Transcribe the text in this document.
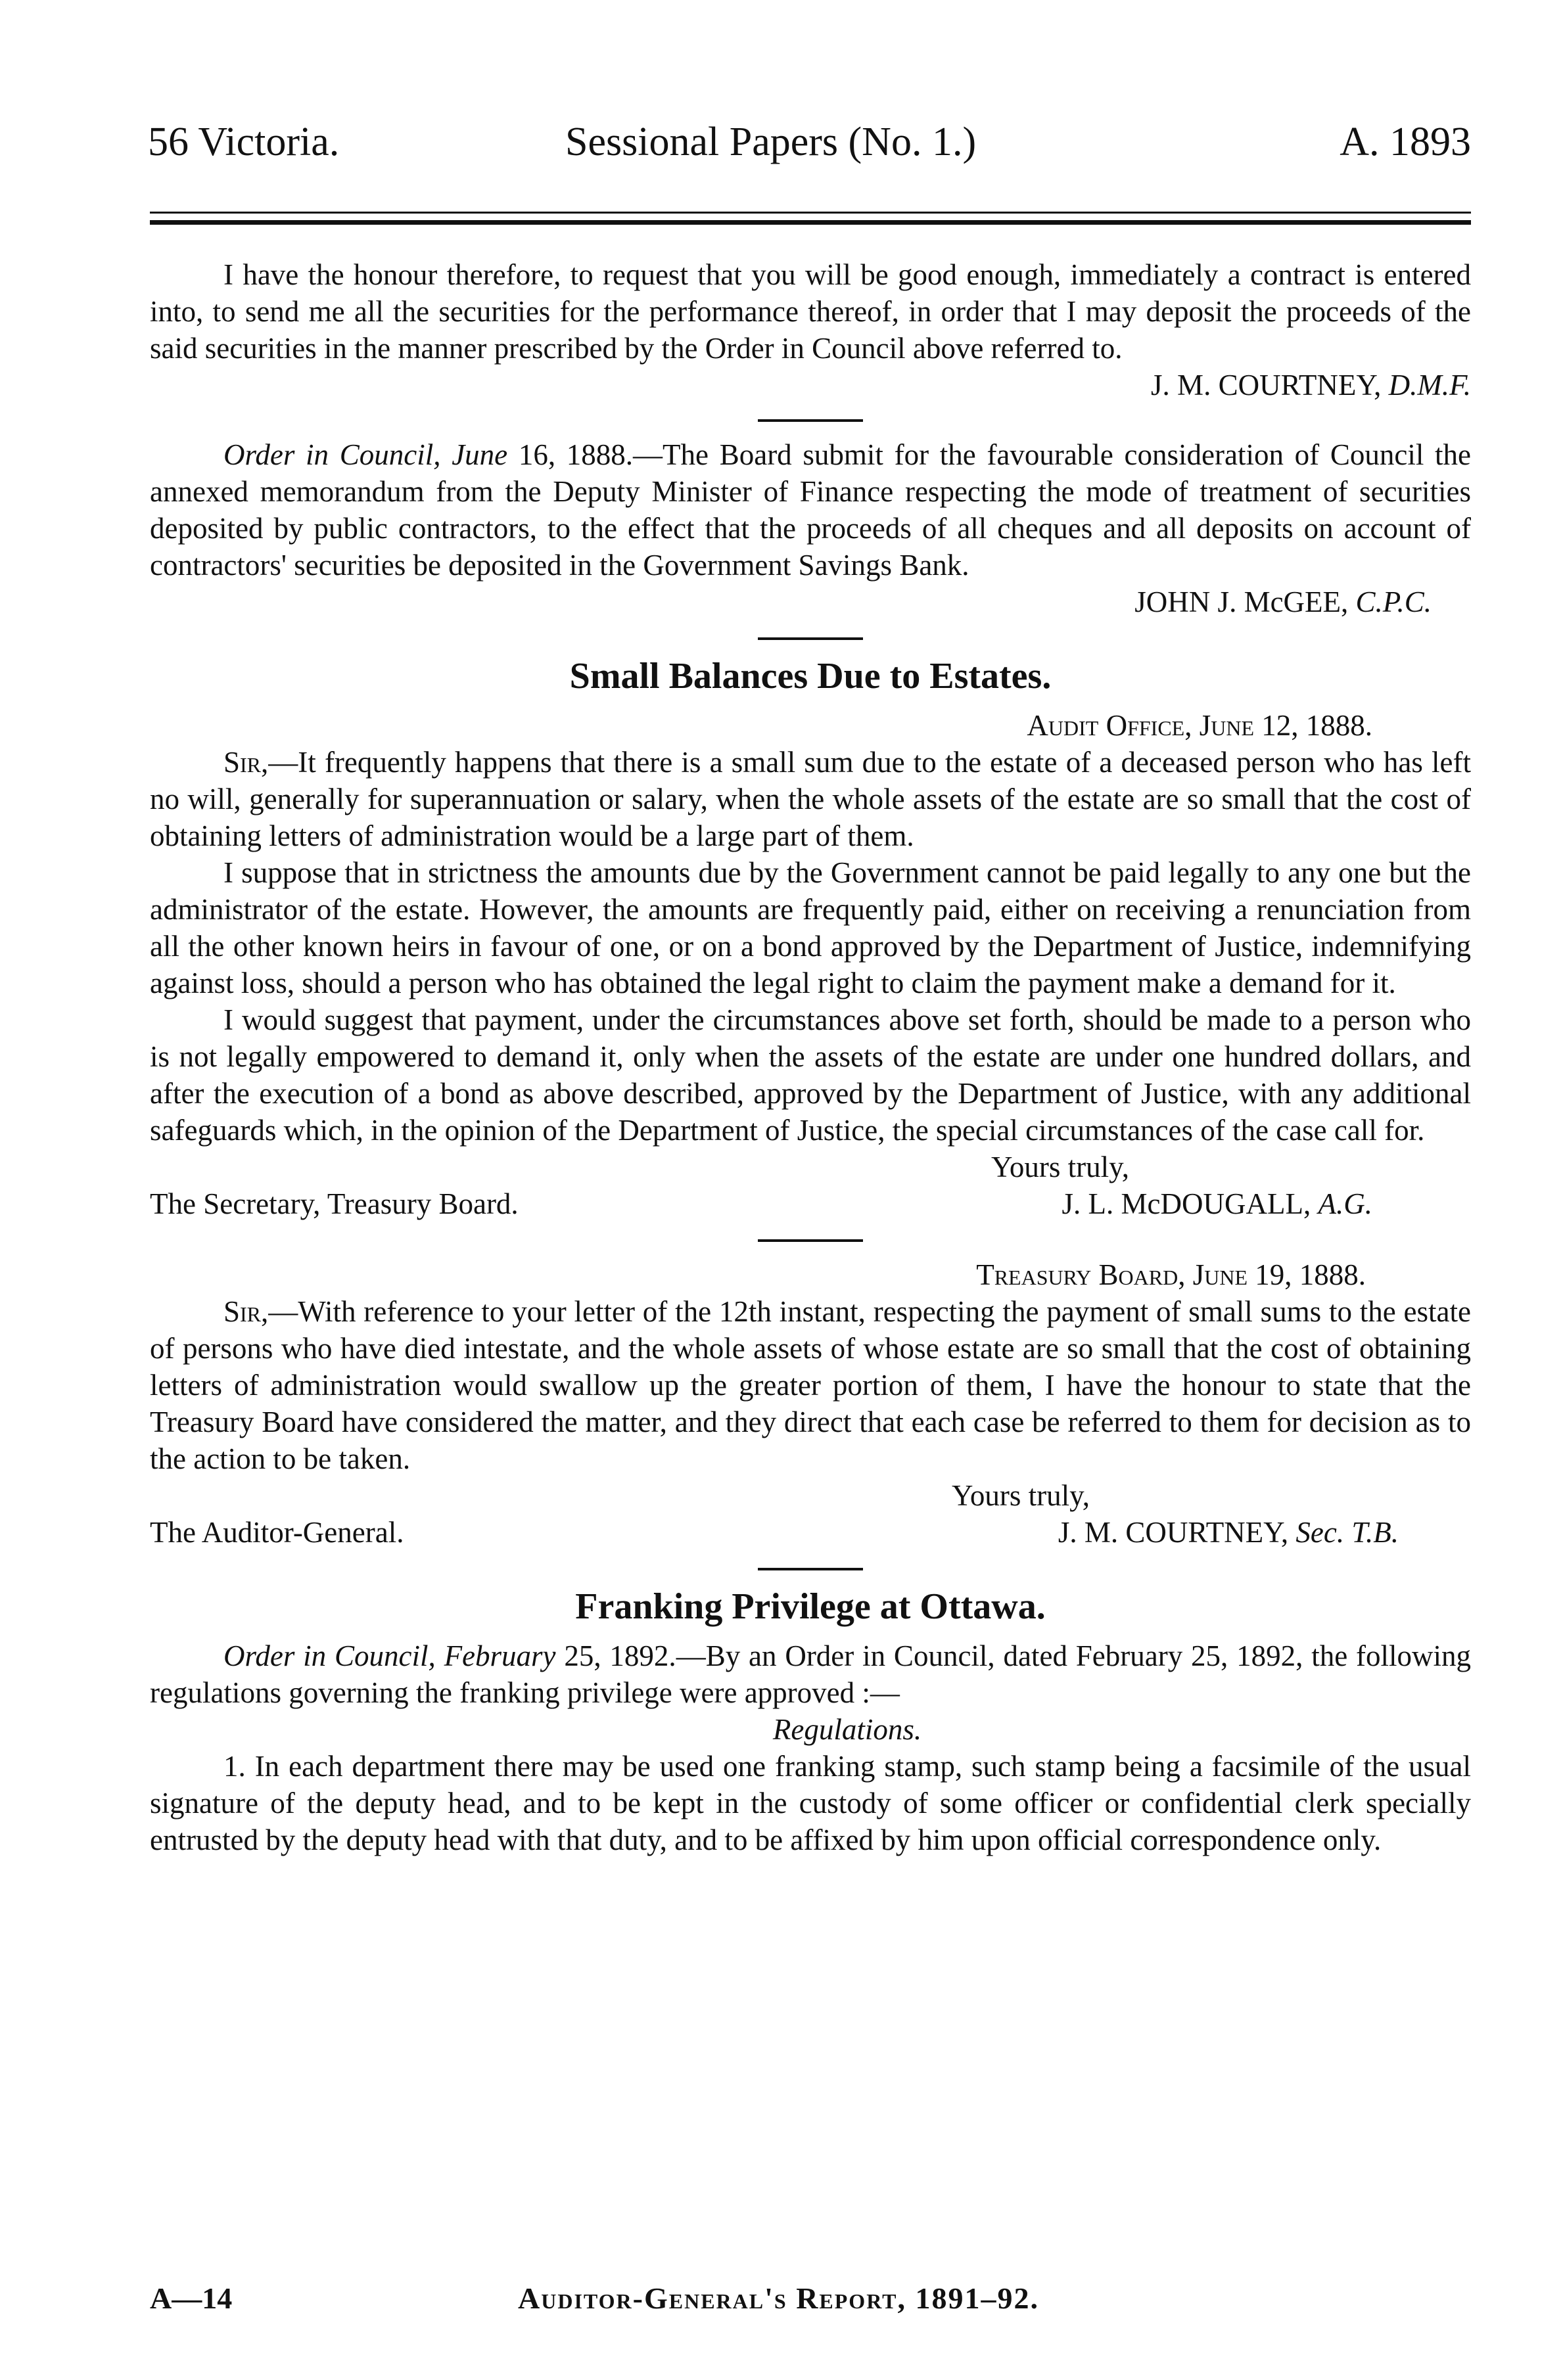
56 Victoria.	Sessional Papers (No. 1.)	A. 1893

I have the honour therefore, to request that you will be good enough, immediately a contract is entered into, to send me all the securities for the performance thereof, in order that I may deposit the proceeds of the said securities in the manner prescribed by the Order in Council above referred to.

J. M. COURTNEY, D.M.F.

Order in Council, June 16, 1888.—The Board submit for the favourable consideration of Council the annexed memorandum from the Deputy Minister of Finance respecting the mode of treatment of securities deposited by public contractors, to the effect that the proceeds of all cheques and all deposits on account of contractors' securities be deposited in the Government Savings Bank.

JOHN J. McGEE, C.P.C.

Small Balances Due to Estates.

Audit Office, June 12, 1888.

Sir,—It frequently happens that there is a small sum due to the estate of a deceased person who has left no will, generally for superannuation or salary, when the whole assets of the estate are so small that the cost of obtaining letters of administration would be a large part of them.

I suppose that in strictness the amounts due by the Government cannot be paid legally to any one but the administrator of the estate. However, the amounts are frequently paid, either on receiving a renunciation from all the other known heirs in favour of one, or on a bond approved by the Department of Justice, indemnifying against loss, should a person who has obtained the legal right to claim the payment make a demand for it.

I would suggest that payment, under the circumstances above set forth, should be made to a person who is not legally empowered to demand it, only when the assets of the estate are under one hundred dollars, and after the execution of a bond as above described, approved by the Department of Justice, with any additional safeguards which, in the opinion of the Department of Justice, the special circumstances of the case call for.

Yours truly,

The Secretary, Treasury Board.	J. L. McDOUGALL, A.G.

Treasury Board, June 19, 1888.

Sir,—With reference to your letter of the 12th instant, respecting the payment of small sums to the estate of persons who have died intestate, and the whole assets of whose estate are so small that the cost of obtaining letters of administration would swallow up the greater portion of them, I have the honour to state that the Treasury Board have considered the matter, and they direct that each case be referred to them for decision as to the action to be taken.

Yours truly,

The Auditor-General.	J. M. COURTNEY, Sec. T.B.
Franking Privilege at Ottawa.

Order in Council, February 25, 1892.—By an Order in Council, dated February 25, 1892, the following regulations governing the franking privilege were approved :—

Regulations.

1. In each department there may be used one franking stamp, such stamp being a facsimile of the usual signature of the deputy head, and to be kept in the custody of some officer or confidential clerk specially entrusted by the deputy head with that duty, and to be affixed by him upon official correspondence only.

A—14	Auditor-General's Report, 1891–92.
